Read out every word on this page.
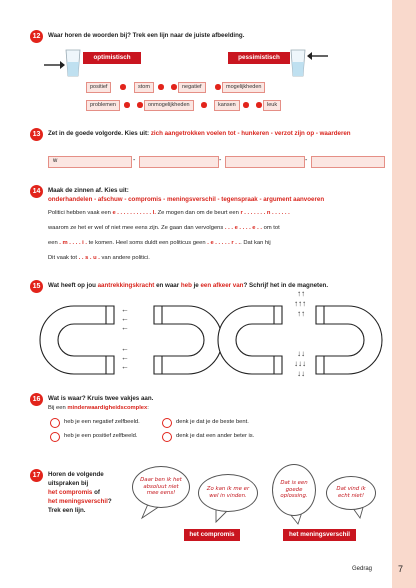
12	Waar horen de woorden bij? Trek een lijn naar de juiste afbeelding.
optimistisch	pessimistisch
positief	stom	negatief	mogelijkheden
problemen	onmogelijkheden	kansen	leuk
13	Zet in de goede volgorde. Kies uit: zich aangetrokken voelen tot - hunkeren - verzot zijn op - waarderen
w	-	-	-
14	Maak de zinnen af. Kies uit:
onderhandelen - afschuw - compromis - meningsverschil - tegenspraak - argument aanvoeren
Politici hebben vaak een e . . . . . . . . . . . l. Ze mogen dan om de beurt een r . . . . . . . n . . . . . .
waarom ze het er wel of niet mee eens zijn. Ze gaan dan vervolgens . . . e . . . . e . . om tot
een . m . . . . i . te komen. Heel soms duldt een politicus geen . e . . . . . r . .. Dat kan hij
Dit vaak tot . . s . u . van andere politici.
15	Wat heeft op jou aantrekkingskracht en waar heb je een afkeer van? Schrijf het in de magneten.
←
←
←
←
←
←
↑↑
↑↑↑
↑↑
↓↓
↓↓↓
↓↓
16	Wat is waar? Kruis twee vakjes aan.
Bij een minderwaardigheidscomplex:
heb je een negatief zelfbeeld.	denk je dat je de beste bent.
heb je een positief zelfbeeld.	denk je dat een ander beter is.
17	Horen de volgende
uitspraken bij
het compromis of
het meningsverschil?
Trek een lijn.
Daar ben ik het absoluut niet mee eens!
Zo kan ik me er wel in vinden.
Dat is een goede oplossing.
Dat vind ik echt niet!
het compromis	het meningsverschil
Gedrag	7
